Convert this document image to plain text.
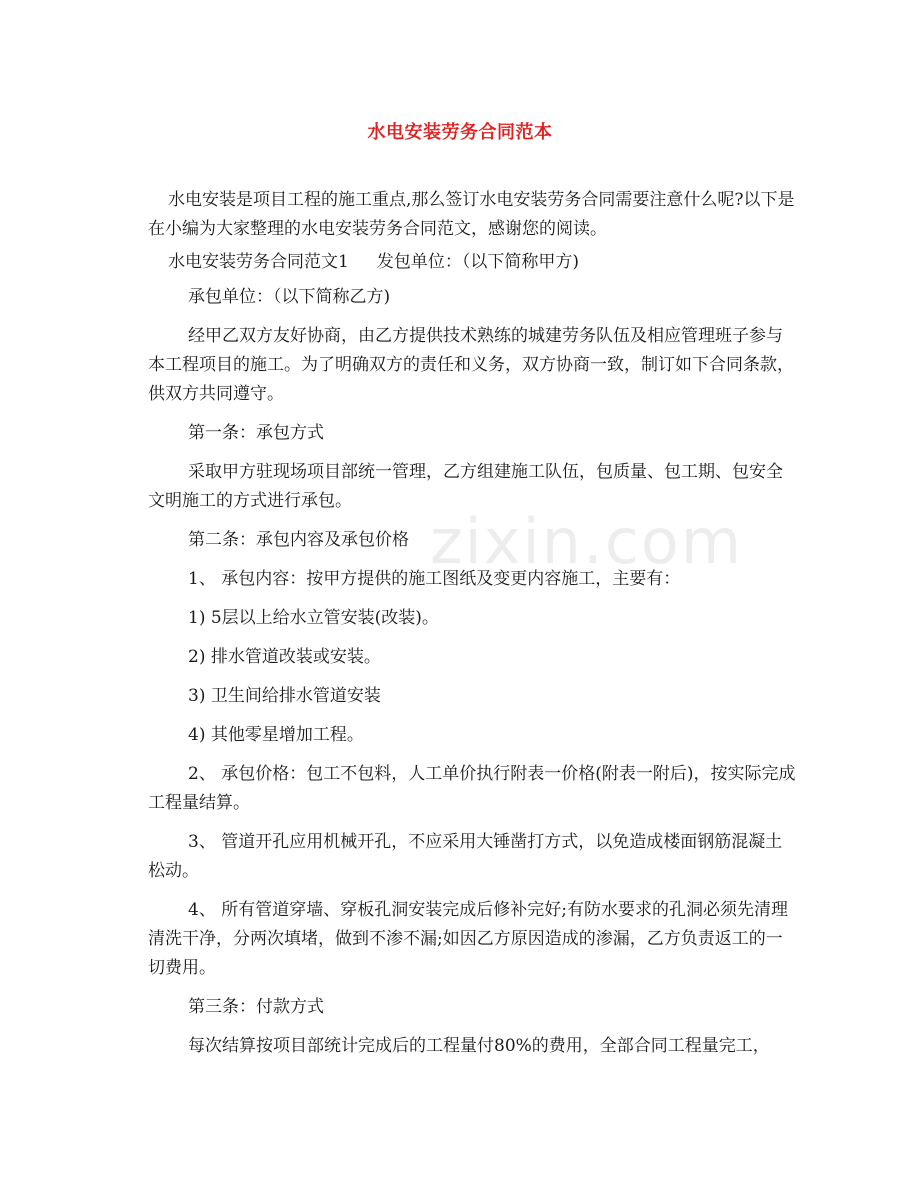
水电安装劳务合同范本
zixin.com

水电安装是项目工程的施工重点,那么签订水电安装劳务合同需要注意什么呢?以下是在小编为大家整理的水电安装劳务合同范文，感谢您的阅读。

水电安装劳务合同范文1 发包单位：（以下简称甲方)

承包单位：（以下简称乙方)

经甲乙双方友好协商，由乙方提供技术熟练的城建劳务队伍及相应管理班子参与本工程项目的施工。为了明确双方的责任和义务，双方协商一致，制订如下合同条款，供双方共同遵守。

第一条：承包方式

采取甲方驻现场项目部统一管理，乙方组建施工队伍，包质量、包工期、包安全文明施工的方式进行承包。

第二条：承包内容及承包价格

1、 承包内容：按甲方提供的施工图纸及变更内容施工，主要有：

1) 5层以上给水立管安装(改装)。

2) 排水管道改装或安装。

3) 卫生间给排水管道安装

4) 其他零星增加工程。

2、 承包价格：包工不包料，人工单价执行附表一价格(附表一附后)，按实际完成工程量结算。

3、 管道开孔应用机械开孔，不应采用大锤凿打方式，以免造成楼面钢筋混凝土松动。

4、 所有管道穿墙、穿板孔洞安装完成后修补完好;有防水要求的孔洞必须先清理清洗干净，分两次填堵，做到不渗不漏;如因乙方原因造成的渗漏，乙方负责返工的一切费用。

第三条：付款方式

每次结算按项目部统计完成后的工程量付80%的费用，全部合同工程量完工，
